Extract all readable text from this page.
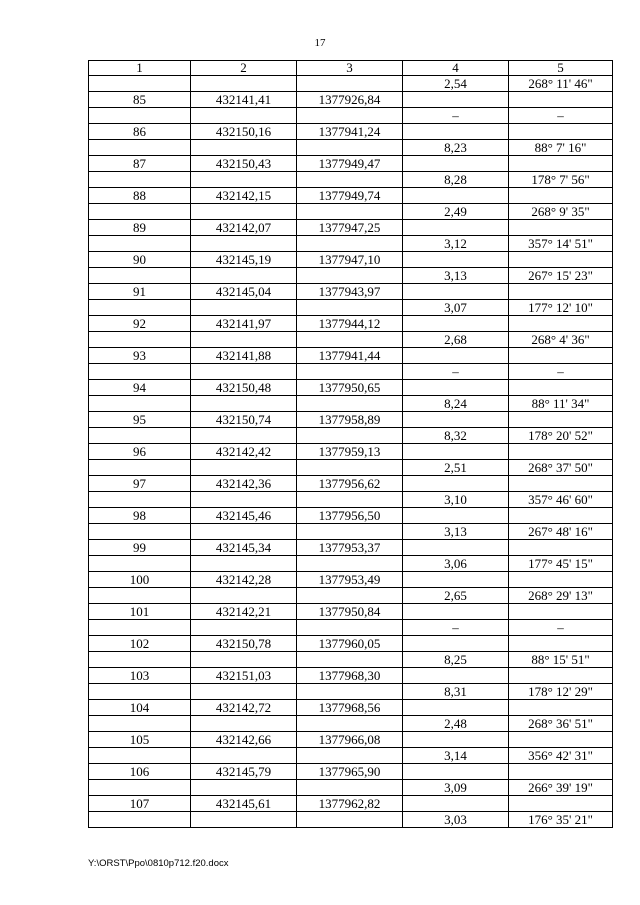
17
1	2	3	4	5
			2,54	268° 11' 46"
85	432141,41	1377926,84		
			–	–
86	432150,16	1377941,24		
			8,23	88° 7' 16"
87	432150,43	1377949,47		
			8,28	178° 7' 56"
88	432142,15	1377949,74		
			2,49	268° 9' 35"
89	432142,07	1377947,25		
			3,12	357° 14' 51"
90	432145,19	1377947,10		
			3,13	267° 15' 23"
91	432145,04	1377943,97		
			3,07	177° 12' 10"
92	432141,97	1377944,12		
			2,68	268° 4' 36"
93	432141,88	1377941,44		
			–	–
94	432150,48	1377950,65		
			8,24	88° 11' 34"
95	432150,74	1377958,89		
			8,32	178° 20' 52"
96	432142,42	1377959,13		
			2,51	268° 37' 50"
97	432142,36	1377956,62		
			3,10	357° 46' 60"
98	432145,46	1377956,50		
			3,13	267° 48' 16"
99	432145,34	1377953,37		
			3,06	177° 45' 15"
100	432142,28	1377953,49		
			2,65	268° 29' 13"
101	432142,21	1377950,84		
			–	–
102	432150,78	1377960,05		
			8,25	88° 15' 51"
103	432151,03	1377968,30		
			8,31	178° 12' 29"
104	432142,72	1377968,56		
			2,48	268° 36' 51"
105	432142,66	1377966,08		
			3,14	356° 42' 31"
106	432145,79	1377965,90		
			3,09	266° 39' 19"
107	432145,61	1377962,82		
			3,03	176° 35' 21"
Y:\ORST\Ppo\0810p712.f20.docx
